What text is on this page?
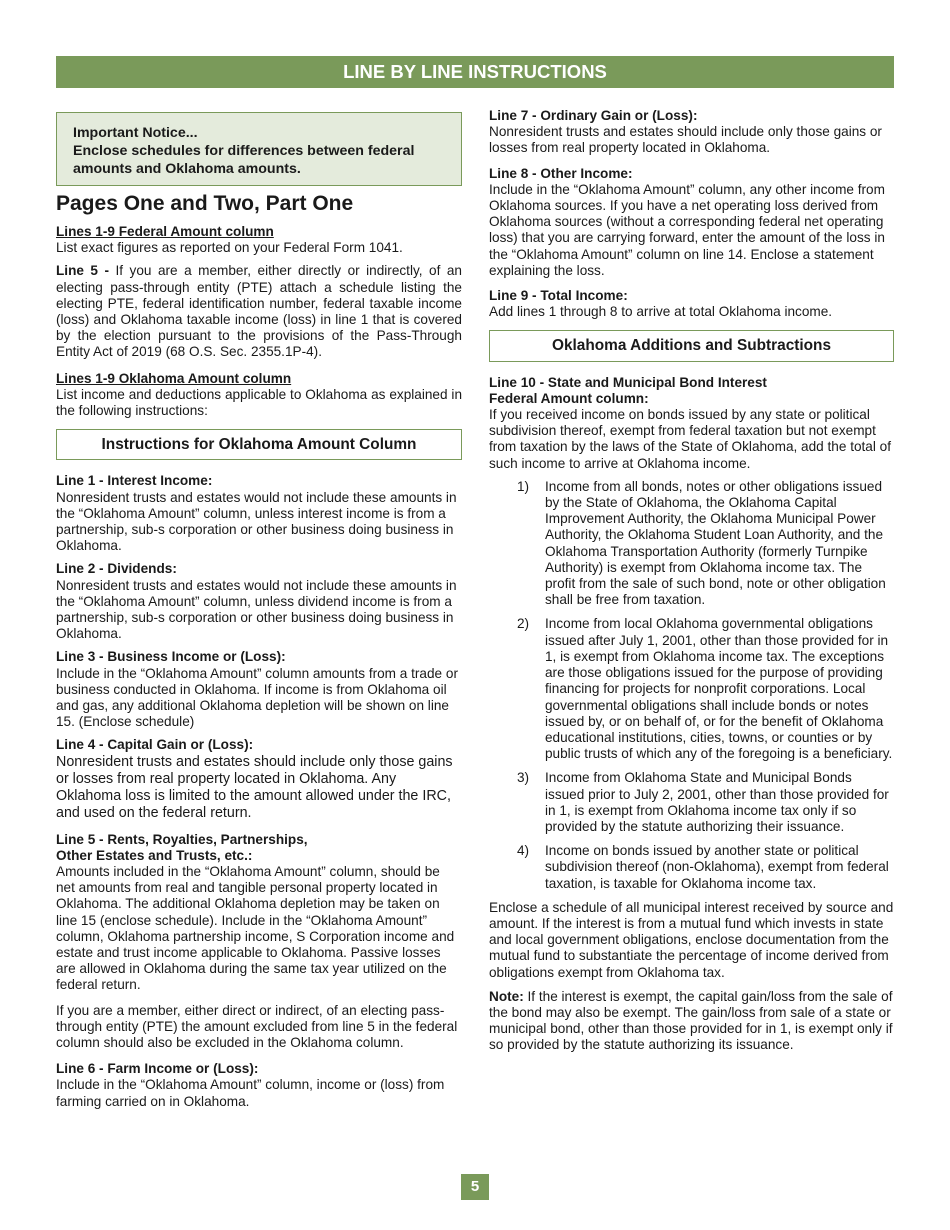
LINE BY LINE INSTRUCTIONS
Important Notice...
Enclose schedules for differences between federal amounts and Oklahoma amounts.
Pages One and Two, Part One
Lines 1-9 Federal Amount column

List exact figures as reported on your Federal Form 1041.

Line 5 - If you are a member, either directly or indirectly, of an electing pass-through entity (PTE) attach a schedule listing the electing PTE, federal identification number, federal taxable income (loss) and Oklahoma taxable income (loss) in line 1 that is covered by the election pursuant to the provisions of the Pass-Through Entity Act of 2019 (68 O.S. Sec. 2355.1P-4).
Lines 1-9 Oklahoma Amount column

List income and deductions applicable to Oklahoma as explained in the following instructions:

Instructions for Oklahoma Amount Column
Line 1 - Interest Income:

Nonresident trusts and estates would not include these amounts in the “Oklahoma Amount” column, unless interest income is from a partnership, sub-s corporation or other business doing business in Oklahoma.

Line 2 - Dividends:

Nonresident trusts and estates would not include these amounts in the “Oklahoma Amount” column, unless dividend income is from a partnership, sub-s corporation or other business doing business in Oklahoma.

Line 3 - Business Income or (Loss):

Include in the “Oklahoma Amount” column amounts from a trade or business conducted in Oklahoma. If income is from Oklahoma oil and gas, any additional Oklahoma depletion will be shown on line 15. (Enclose schedule)

Line 4 - Capital Gain or (Loss):

Nonresident trusts and estates should include only those gains or losses from real property located in Oklahoma. Any Oklahoma loss is limited to the amount allowed under the IRC, and used on the federal return.

Line 5 - Rents, Royalties, Partnerships,
Other Estates and Trusts, etc.:

Amounts included in the “Oklahoma Amount” column, should be net amounts from real and tangible personal property located in Oklahoma. The additional Oklahoma depletion may be taken on line 15 (enclose schedule). Include in the “Oklahoma Amount” column, Oklahoma partnership income, S Corporation income and estate and trust income applicable to Oklahoma. Passive losses are allowed in Oklahoma during the same tax year utilized on the federal return.

If you are a member, either direct or indirect, of an electing pass-through entity (PTE) the amount excluded from line 5 in the federal column should also be excluded in the Oklahoma column.

Line 6 - Farm Income or (Loss):

Include in the “Oklahoma Amount” column, income or (loss) from farming carried on in Oklahoma.

Line 7 - Ordinary Gain or (Loss):

Nonresident trusts and estates should include only those gains or losses from real property located in Oklahoma.

Line 8 - Other Income:

Include in the “Oklahoma Amount” column, any other income from Oklahoma sources. If you have a net operating loss derived from Oklahoma sources (without a corresponding federal net operating loss) that you are carrying forward, enter the amount of the loss in the “Oklahoma Amount” column on line 14. Enclose a statement explaining the loss.

Line 9 - Total Income:

Add lines 1 through 8 to arrive at total Oklahoma income.

Oklahoma Additions and Subtractions
Line 10 - State and Municipal Bond Interest
Federal Amount column:

If you received income on bonds issued by any state or political subdivision thereof, exempt from federal taxation but not exempt from taxation by the laws of the State of Oklahoma, add the total of such income to arrive at Oklahoma income.

1) Income from all bonds, notes or other obligations issued by the State of Oklahoma, the Oklahoma Capital Improvement Authority, the Oklahoma Municipal Power Authority, the Oklahoma Student Loan Authority, and the Oklahoma Transportation Authority (formerly Turnpike Authority) is exempt from Oklahoma income tax. The profit from the sale of such bond, note or other obligation shall be free from taxation.
2) Income from local Oklahoma governmental obligations issued after July 1, 2001, other than those provided for in 1, is exempt from Oklahoma income tax. The exceptions are those obligations issued for the purpose of providing financing for projects for nonprofit corporations. Local governmental obligations shall include bonds or notes issued by, or on behalf of, or for the benefit of Oklahoma educational institutions, cities, towns, or counties or by public trusts of which any of the foregoing is a beneficiary.
3) Income from Oklahoma State and Municipal Bonds issued prior to July 2, 2001, other than those provided for in 1, is exempt from Oklahoma income tax only if so provided by the statute authorizing their issuance.
4) Income on bonds issued by another state or political subdivision thereof (non-Oklahoma), exempt from federal taxation, is taxable for Oklahoma income tax.

Enclose a schedule of all municipal interest received by source and amount. If the interest is from a mutual fund which invests in state and local government obligations, enclose documentation from the mutual fund to substantiate the percentage of income derived from obligations exempt from Oklahoma tax.

Note: If the interest is exempt, the capital gain/loss from the sale of the bond may also be exempt. The gain/loss from sale of a state or municipal bond, other than those provided for in 1, is exempt only if so provided by the statute authorizing its issuance.
5
